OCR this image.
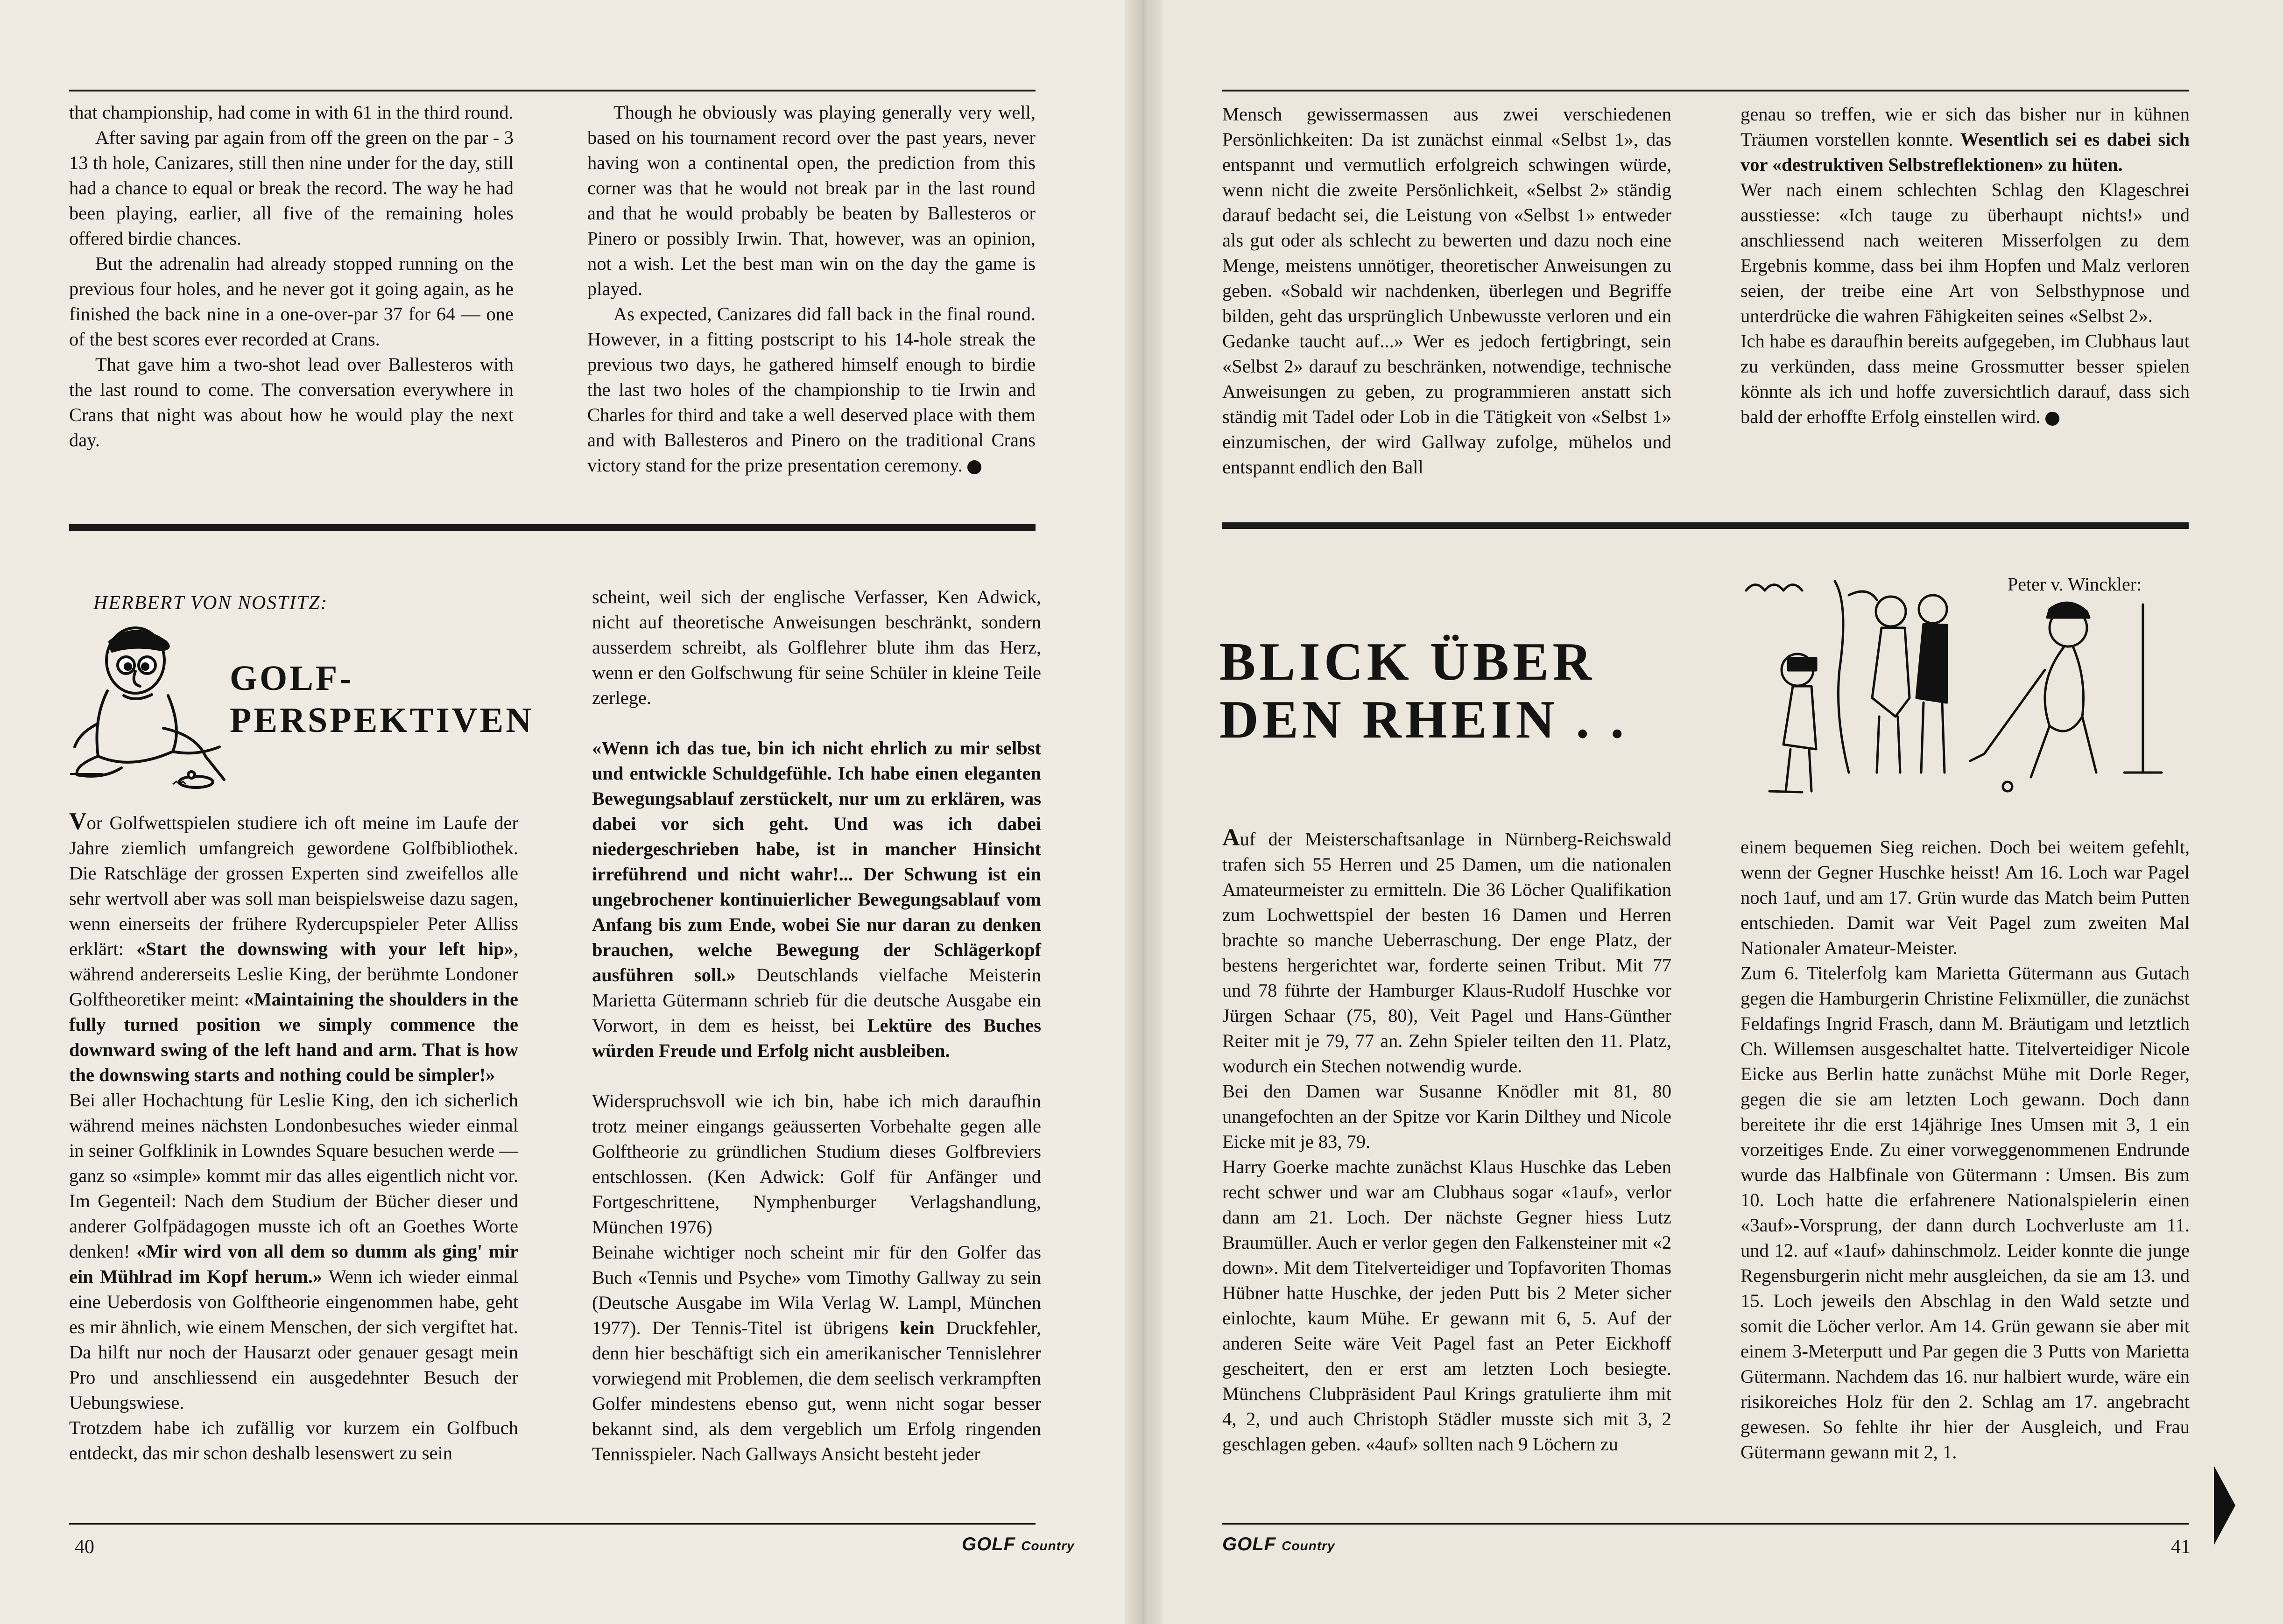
that championship, had come in with 61 in the third round.

After saving par again from off the green on the par - 3 13 th hole, Canizares, still then nine under for the day, still had a chance to equal or break the record. The way he had been playing, earlier, all five of the remaining holes offered birdie chances.

But the adrenalin had already stopped running on the previous four holes, and he never got it going again, as he finished the back nine in a one-over-par 37 for 64 — one of the best scores ever recorded at Crans.

That gave him a two-shot lead over Ballesteros with the last round to come. The conversation everywhere in Crans that night was about how he would play the next day.

Though he obviously was playing generally very well, based on his tournament record over the past years, never having won a continental open, the prediction from this corner was that he would not break par in the last round and that he would probably be beaten by Ballesteros or Pinero or possibly Irwin. That, however, was an opinion, not a wish. Let the best man win on the day the game is played.

As expected, Canizares did fall back in the final round. However, in a fitting postscript to his 14-hole streak the previous two days, he gathered himself enough to birdie the last two holes of the championship to tie Irwin and Charles for third and take a well deserved place with them and with Ballesteros and Pinero on the traditional Crans victory stand for the prize presentation ceremony.

HERBERT VON NOSTITZ:
GOLF-
PERSPEKTIVEN

Vor Golfwettspielen studiere ich oft meine im Laufe der Jahre ziemlich umfangreich gewordene Golfbibliothek. Die Ratschläge der grossen Experten sind zweifellos alle sehr wertvoll aber was soll man beispielsweise dazu sagen, wenn einerseits der frühere Rydercupspieler Peter Alliss erklärt: «Start the downswing with your left hip», während andererseits Leslie King, der berühmte Londoner Golftheoretiker meint: «Maintaining the shoulders in the fully turned position we simply commence the downward swing of the left hand and arm. That is how the downswing starts and nothing could be simpler!»

Bei aller Hochachtung für Leslie King, den ich sicherlich während meines nächsten Londonbesuches wieder einmal in seiner Golfklinik in Lowndes Square besuchen werde — ganz so «simple» kommt mir das alles eigentlich nicht vor. Im Gegenteil: Nach dem Studium der Bücher dieser und anderer Golfpädagogen musste ich oft an Goethes Worte denken! «Mir wird von all dem so dumm als ging' mir ein Mühlrad im Kopf herum.» Wenn ich wieder einmal eine Ueberdosis von Golftheorie eingenommen habe, geht es mir ähnlich, wie einem Menschen, der sich vergiftet hat. Da hilft nur noch der Hausarzt oder genauer gesagt mein Pro und anschliessend ein ausgedehnter Besuch der Uebungswiese.

Trotzdem habe ich zufällig vor kurzem ein Golfbuch entdeckt, das mir schon deshalb lesenswert zu sein

scheint, weil sich der englische Verfasser, Ken Adwick, nicht auf theoretische Anweisungen beschränkt, sondern ausserdem schreibt, als Golflehrer blute ihm das Herz, wenn er den Golfschwung für seine Schüler in kleine Teile zerlege.

«Wenn ich das tue, bin ich nicht ehrlich zu mir selbst und entwickle Schuldgefühle. Ich habe einen eleganten Bewegungsablauf zerstückelt, nur um zu erklären, was dabei vor sich geht. Und was ich dabei niedergeschrieben habe, ist in mancher Hinsicht irreführend und nicht wahr!... Der Schwung ist ein ungebrochener kontinuierlicher Bewegungsablauf vom Anfang bis zum Ende, wobei Sie nur daran zu denken brauchen, welche Bewegung der Schlägerkopf ausführen soll.» Deutschlands vielfache Meisterin Marietta Gütermann schrieb für die deutsche Ausgabe ein Vorwort, in dem es heisst, bei Lektüre des Buches würden Freude und Erfolg nicht ausbleiben.

Widerspruchsvoll wie ich bin, habe ich mich daraufhin trotz meiner eingangs geäusserten Vorbehalte gegen alle Golftheorie zu gründlichen Studium dieses Golfbreviers entschlossen. (Ken Adwick: Golf für Anfänger und Fortgeschrittene, Nymphenburger Verlagshandlung, München 1976)

Beinahe wichtiger noch scheint mir für den Golfer das Buch «Tennis und Psyche» vom Timothy Gallway zu sein (Deutsche Ausgabe im Wila Verlag W. Lampl, München 1977). Der Tennis-Titel ist übrigens kein Druckfehler, denn hier beschäftigt sich ein amerikanischer Tennislehrer vorwiegend mit Problemen, die dem seelisch verkrampften Golfer mindestens ebenso gut, wenn nicht sogar besser bekannt sind, als dem vergeblich um Erfolg ringenden Tennisspieler. Nach Gallways Ansicht besteht jeder

40	GOLF Country

Mensch gewissermassen aus zwei verschiedenen Persönlichkeiten: Da ist zunächst einmal «Selbst 1», das entspannt und vermutlich erfolgreich schwingen würde, wenn nicht die zweite Persönlichkeit, «Selbst 2» ständig darauf bedacht sei, die Leistung von «Selbst 1» entweder als gut oder als schlecht zu bewerten und dazu noch eine Menge, meistens unnötiger, theoretischer Anweisungen zu geben. «Sobald wir nachdenken, überlegen und Begriffe bilden, geht das ursprünglich Unbewusste verloren und ein Gedanke taucht auf...» Wer es jedoch fertigbringt, sein «Selbst 2» darauf zu beschränken, notwendige, technische Anweisungen zu geben, zu programmieren anstatt sich ständig mit Tadel oder Lob in die Tätigkeit von «Selbst 1» einzumischen, der wird Gallway zufolge, mühelos und entspannt endlich den Ball

genau so treffen, wie er sich das bisher nur in kühnen Träumen vorstellen konnte. Wesentlich sei es dabei sich vor «destruktiven Selbstreflektionen» zu hüten.

Wer nach einem schlechten Schlag den Klageschrei ausstiesse: «Ich tauge zu überhaupt nichts!» und anschliessend nach weiteren Misserfolgen zu dem Ergebnis komme, dass bei ihm Hopfen und Malz verloren seien, der treibe eine Art von Selbsthypnose und unterdrücke die wahren Fähigkeiten seines «Selbst 2».

Ich habe es daraufhin bereits aufgegeben, im Clubhaus laut zu verkünden, dass meine Grossmutter besser spielen könnte als ich und hoffe zuversichtlich darauf, dass sich bald der erhoffte Erfolg einstellen wird.

BLICK ÜBER
DEN RHEIN . .
Peter v. Winckler:

Auf der Meisterschaftsanlage in Nürnberg-Reichswald trafen sich 55 Herren und 25 Damen, um die nationalen Amateurmeister zu ermitteln. Die 36 Löcher Qualifikation zum Lochwettspiel der besten 16 Damen und Herren brachte so manche Ueberraschung. Der enge Platz, der bestens hergerichtet war, forderte seinen Tribut. Mit 77 und 78 führte der Hamburger Klaus-Rudolf Huschke vor Jürgen Schaar (75, 80), Veit Pagel und Hans-Günther Reiter mit je 79, 77 an. Zehn Spieler teilten den 11. Platz, wodurch ein Stechen notwendig wurde.

Bei den Damen war Susanne Knödler mit 81, 80 unangefochten an der Spitze vor Karin Dilthey und Nicole Eicke mit je 83, 79.

Harry Goerke machte zunächst Klaus Huschke das Leben recht schwer und war am Clubhaus sogar «1auf», verlor dann am 21. Loch. Der nächste Gegner hiess Lutz Braumüller. Auch er verlor gegen den Falkensteiner mit «2 down». Mit dem Titelverteidiger und Topfavoriten Thomas Hübner hatte Huschke, der jeden Putt bis 2 Meter sicher einlochte, kaum Mühe. Er gewann mit 6, 5. Auf der anderen Seite wäre Veit Pagel fast an Peter Eickhoff gescheitert, den er erst am letzten Loch besiegte. Münchens Clubpräsident Paul Krings gratulierte ihm mit 4, 2, und auch Christoph Städler musste sich mit 3, 2 geschlagen geben. «4auf» sollten nach 9 Löchern zu

einem bequemen Sieg reichen. Doch bei weitem gefehlt, wenn der Gegner Huschke heisst! Am 16. Loch war Pagel noch 1auf, und am 17. Grün wurde das Match beim Putten entschieden. Damit war Veit Pagel zum zweiten Mal Nationaler Amateur-Meister.

Zum 6. Titelerfolg kam Marietta Gütermann aus Gutach gegen die Hamburgerin Christine Felixmüller, die zunächst Feldafings Ingrid Frasch, dann M. Bräutigam und letztlich Ch. Willemsen ausgeschaltet hatte. Titelverteidiger Nicole Eicke aus Berlin hatte zunächst Mühe mit Dorle Reger, gegen die sie am letzten Loch gewann. Doch dann bereitete ihr die erst 14jährige Ines Umsen mit 3, 1 ein vorzeitiges Ende. Zu einer vorweggenommenen Endrunde wurde das Halbfinale von Gütermann : Umsen. Bis zum 10. Loch hatte die erfahrenere Nationalspielerin einen «3auf»-Vorsprung, der dann durch Lochverluste am 11. und 12. auf «1auf» dahinschmolz. Leider konnte die junge Regensburgerin nicht mehr ausgleichen, da sie am 13. und 15. Loch jeweils den Abschlag in den Wald setzte und somit die Löcher verlor. Am 14. Grün gewann sie aber mit einem 3-Meterputt und Par gegen die 3 Putts von Marietta Gütermann. Nachdem das 16. nur halbiert wurde, wäre ein risikoreiches Holz für den 2. Schlag am 17. angebracht gewesen. So fehlte ihr hier der Ausgleich, und Frau Gütermann gewann mit 2, 1.

GOLF Country	41
